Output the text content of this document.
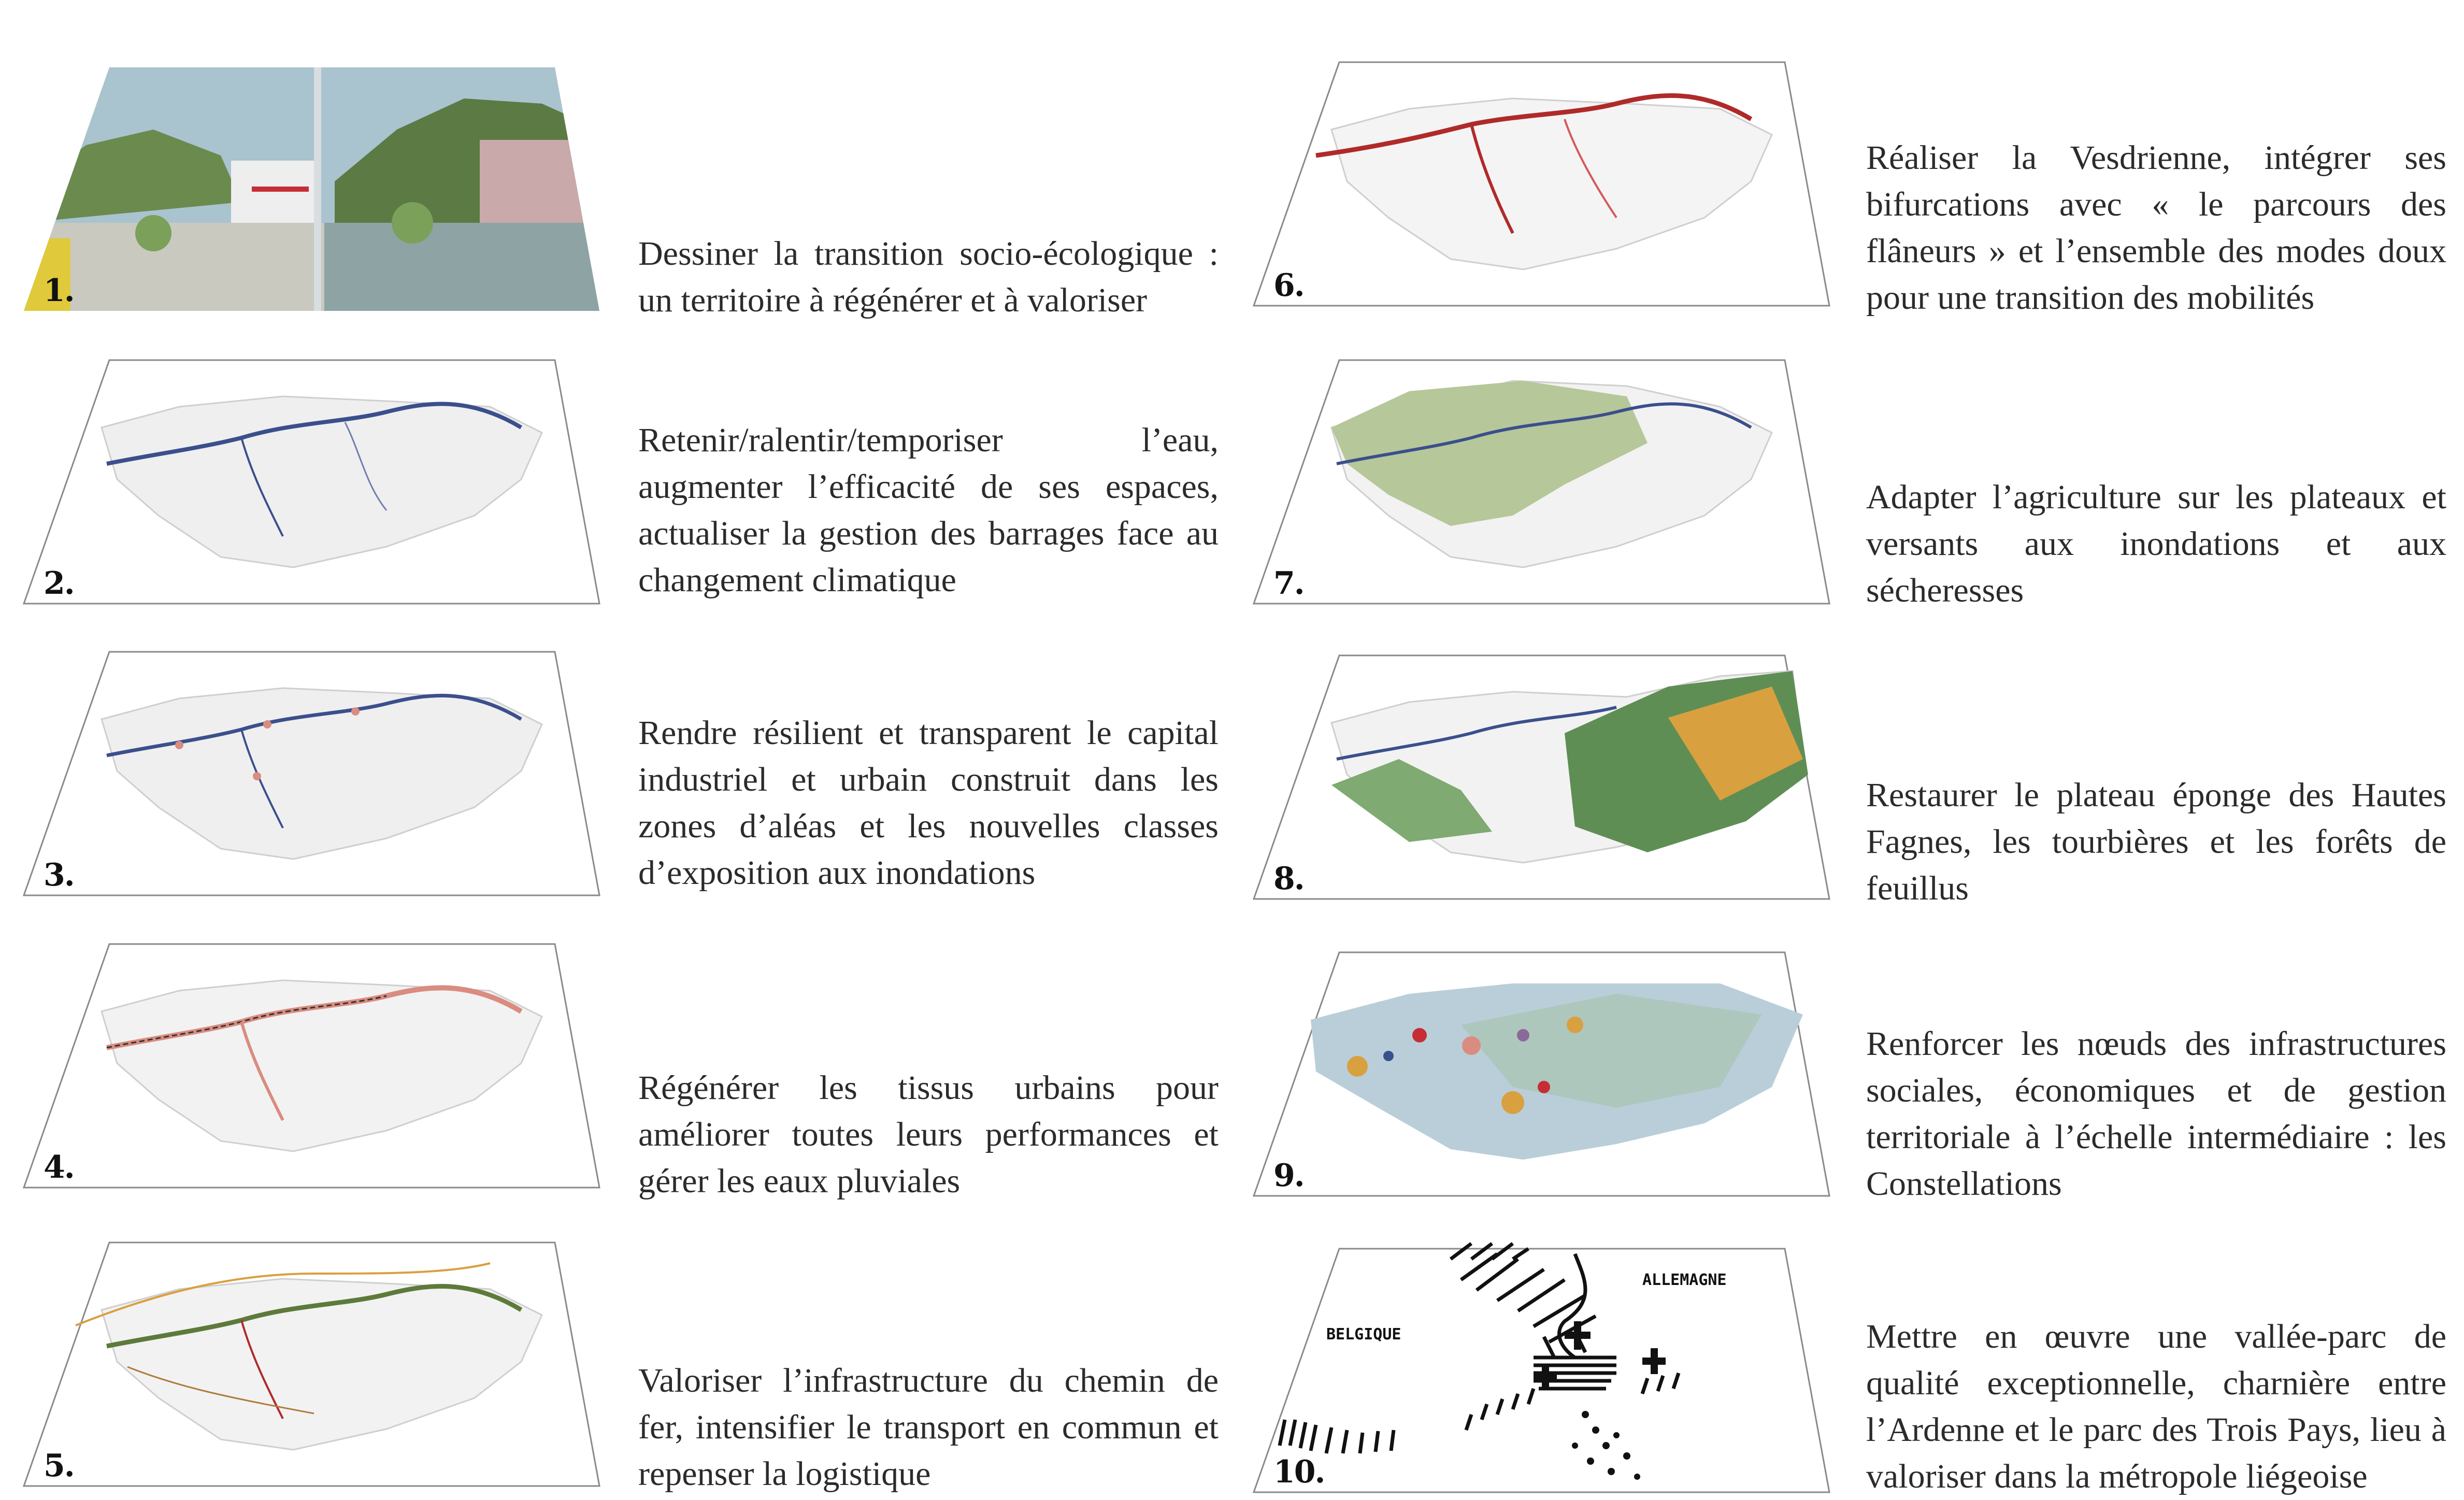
1.
Dessiner la transition socio-écologique : un territoire à régénérer et à valoriser
2.
Retenir/ralentir/temporiser l’eau, augmenter l’efficacité de ses espaces, actualiser la gestion des barrages face au changement climatique
3.
Rendre résilient et transparent le capital industriel et urbain construit dans les zones d’aléas et les nouvelles classes d’exposition aux inondations
4.
Régénérer les tissus urbains pour améliorer toutes leurs performances et gérer les eaux pluviales
5.
Valoriser l’infrastructure du chemin de fer, intensifier le transport en commun et repenser la logistique
6.
Réaliser la Vesdrienne, intégrer ses bifurcations avec « le parcours des flâneurs » et l’ensemble des modes doux pour une transition des mobilités
7.
Adapter l’agriculture sur les plateaux et versants aux inondations et aux sécheresses
8.
Restaurer le plateau éponge des Hautes Fagnes, les tourbières et les forêts de feuillus
9.
Renforcer les nœuds des infrastructures sociales, économiques et de gestion territoriale à l’échelle intermédiaire : les Constellations
BELGIQUE
ALLEMAGNE
10.
Mettre en œuvre une vallée-parc de qualité exceptionnelle, charnière entre l’Ardenne et le parc des Trois Pays, lieu à valoriser dans la métropole liégeoise
